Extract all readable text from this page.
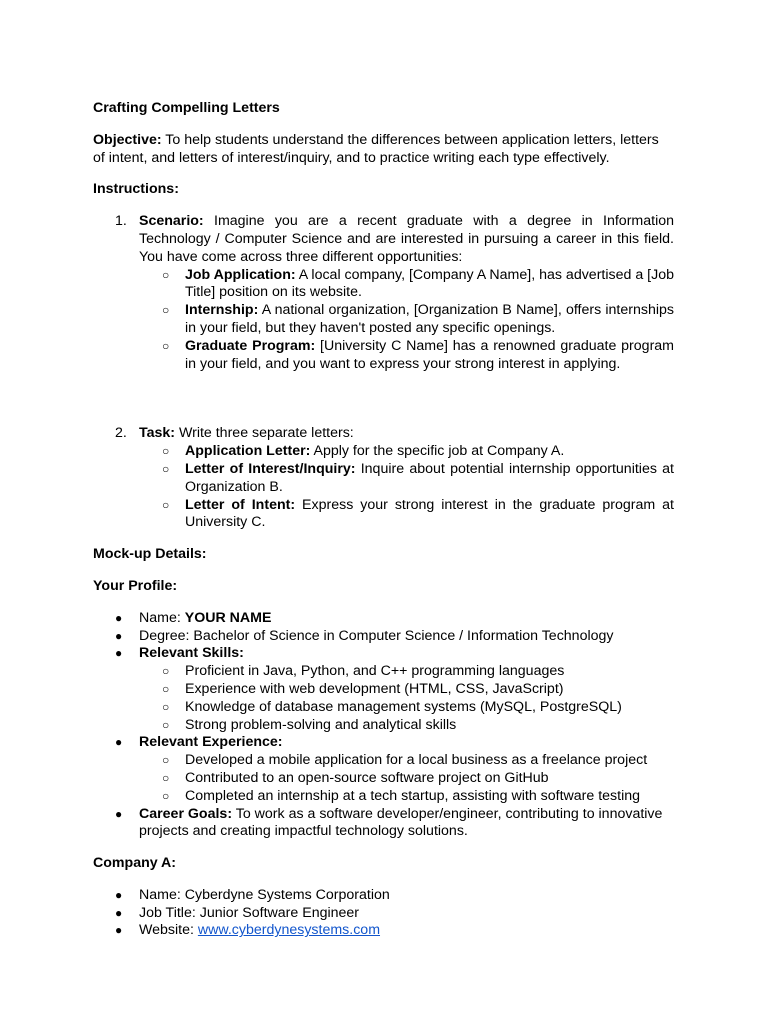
Crafting Compelling Letters

Objective: To help students understand the differences between application letters, letters of intent, and letters of interest/inquiry, and to practice writing each type effectively.

Instructions:

1. Scenario: Imagine you are a recent graduate with a degree in Information Technology / Computer Science and are interested in pursuing a career in this field. You have come across three different opportunities:
○ Job Application: A local company, [Company A Name], has advertised a [Job Title] position on its website.
○ Internship: A national organization, [Organization B Name], offers internships in your field, but they haven't posted any specific openings.
○ Graduate Program: [University C Name] has a renowned graduate program in your field, and you want to express your strong interest in applying.
2. Task: Write three separate letters:
○ Application Letter: Apply for the specific job at Company A.
○ Letter of Interest/Inquiry: Inquire about potential internship opportunities at Organization B.
○ Letter of Intent: Express your strong interest in the graduate program at University C.

Mock-up Details:

Your Profile:

● Name: YOUR NAME
● Degree: Bachelor of Science in Computer Science / Information Technology
● Relevant Skills:
○ Proficient in Java, Python, and C++ programming languages
○ Experience with web development (HTML, CSS, JavaScript)
○ Knowledge of database management systems (MySQL, PostgreSQL)
○ Strong problem-solving and analytical skills
● Relevant Experience:
○ Developed a mobile application for a local business as a freelance project
○ Contributed to an open-source software project on GitHub
○ Completed an internship at a tech startup, assisting with software testing
● Career Goals: To work as a software developer/engineer, contributing to innovative projects and creating impactful technology solutions.

Company A:

● Name: Cyberdyne Systems Corporation
● Job Title: Junior Software Engineer
● Website: www.cyberdynesystems.com
